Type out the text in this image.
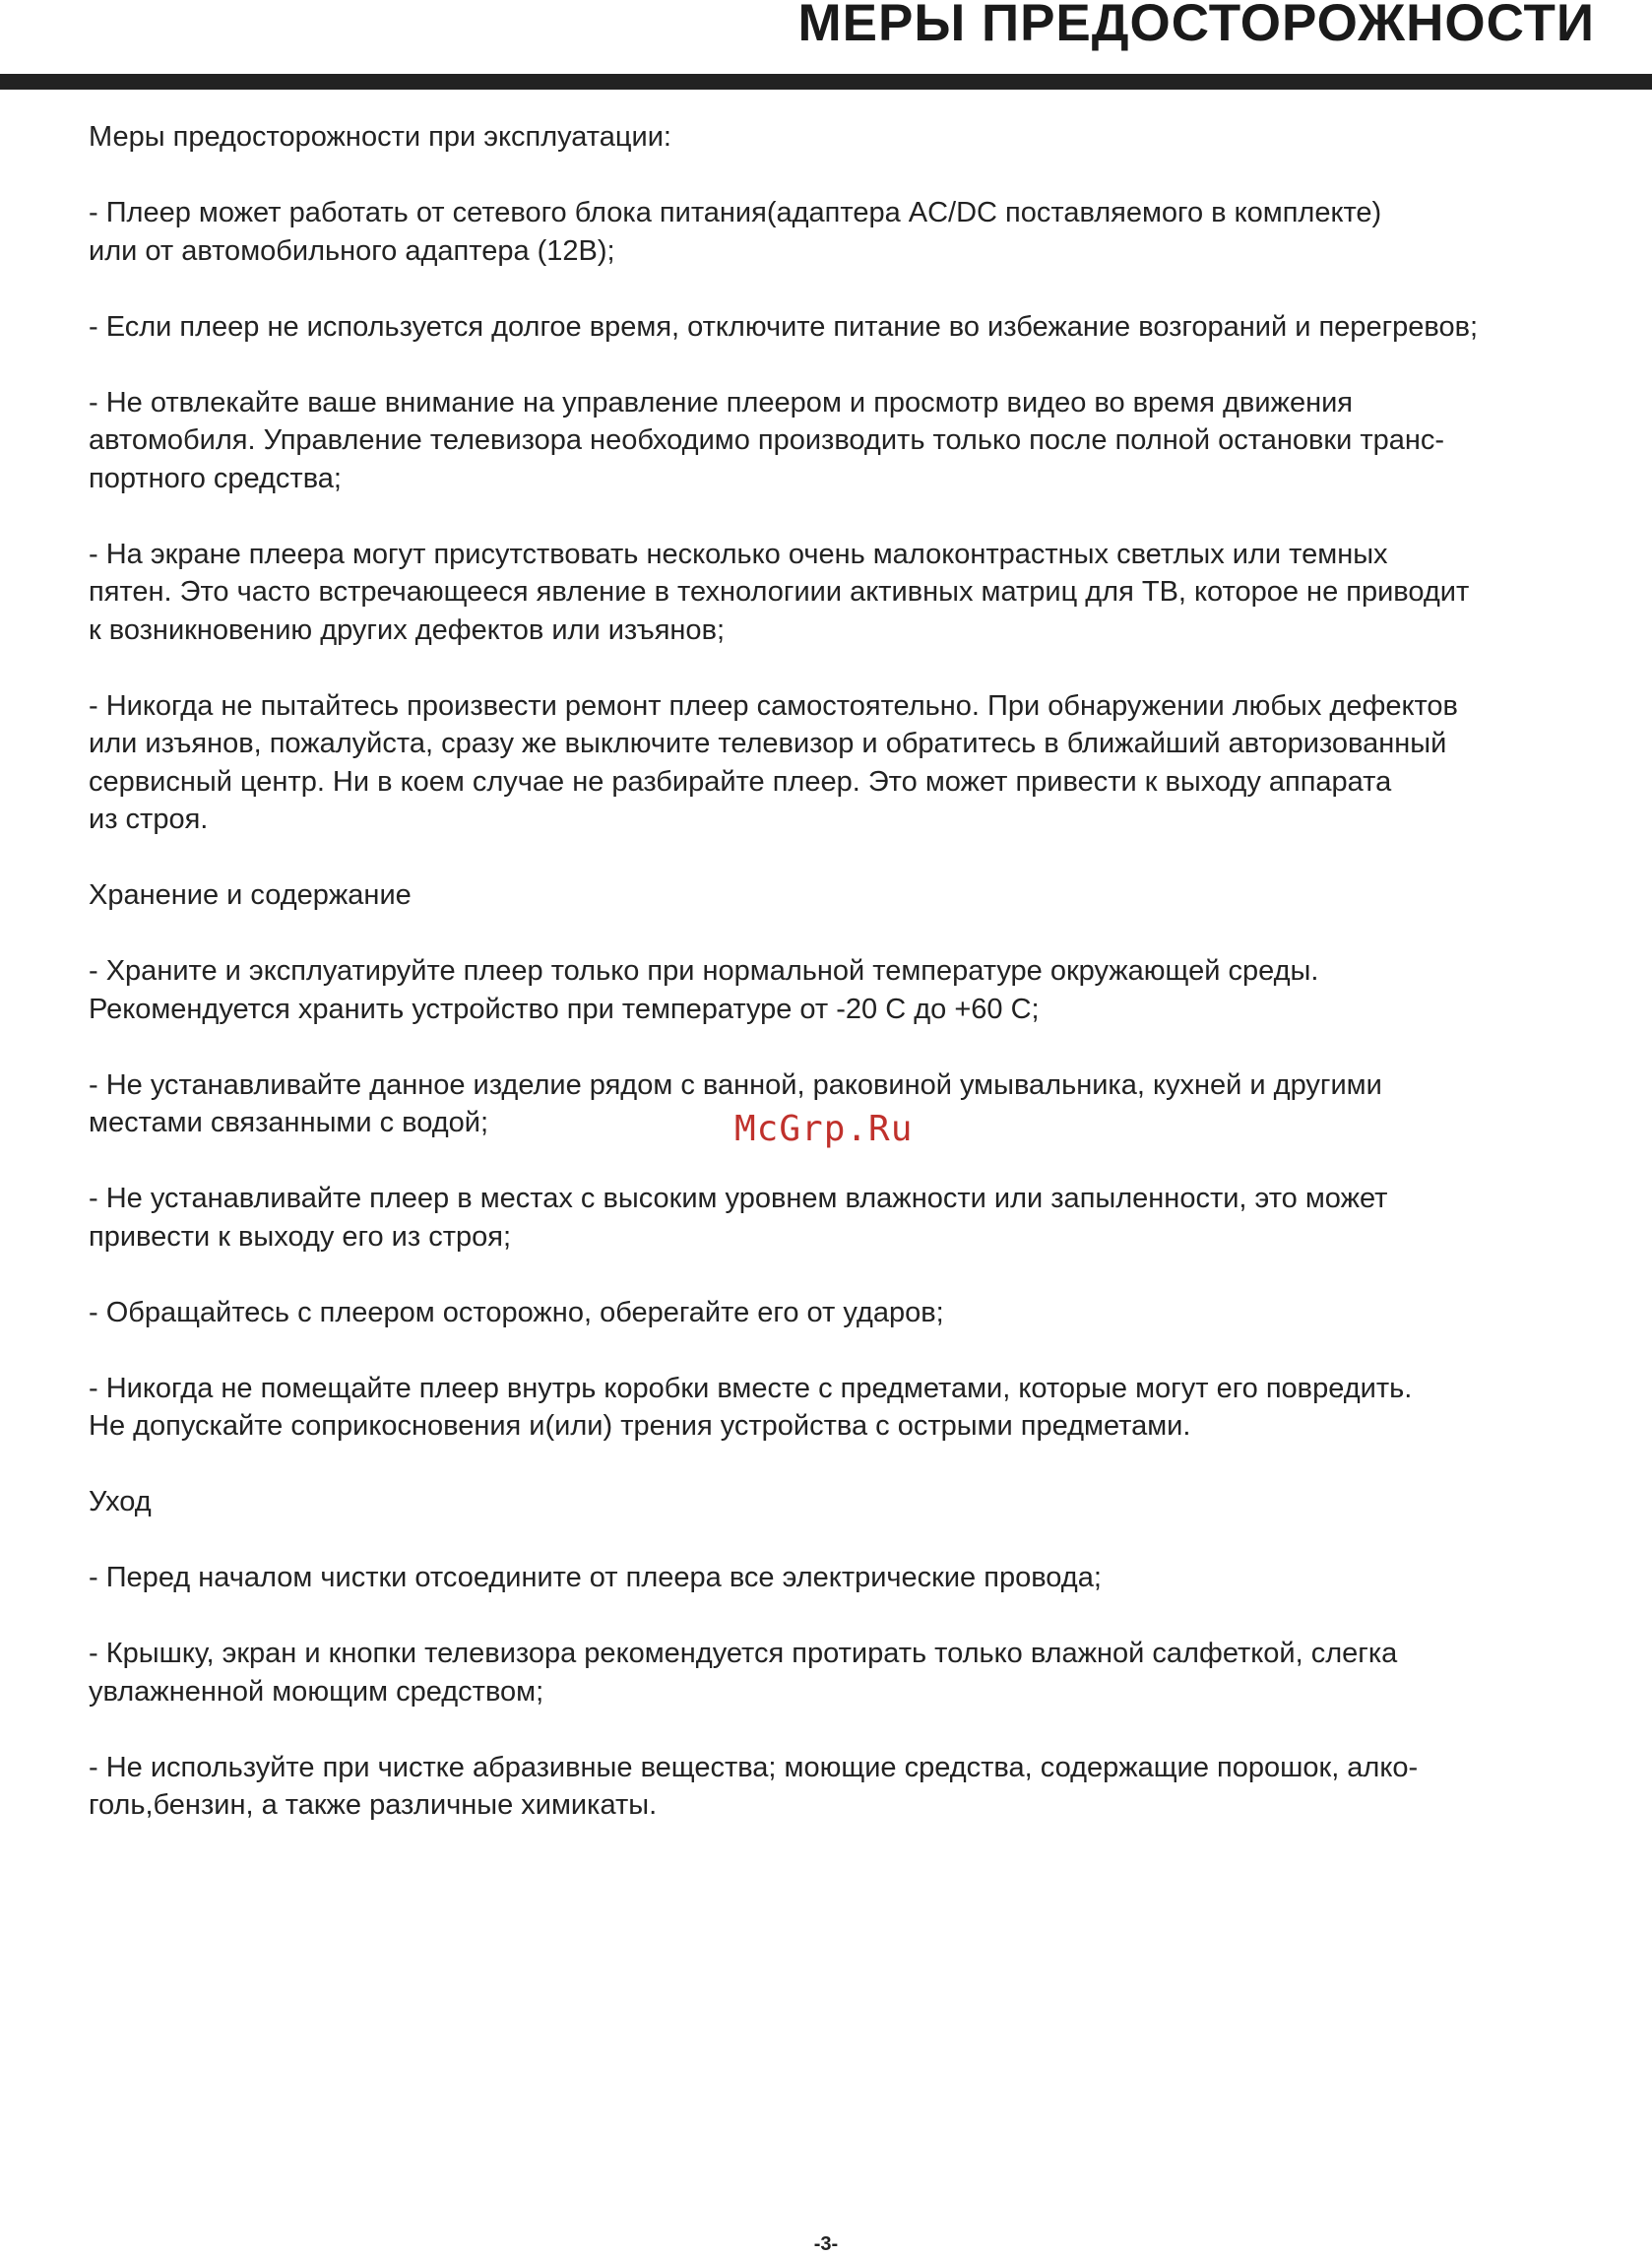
МЕРЫ ПРЕДОСТОРОЖНОСТИ

Меры предосторожности при эксплуатации:

- Плеер может работать от сетевого блока питания(адаптера AC/DC поставляемого в комплекте)
или от автомобильного адаптера (12В);

- Если плеер не используется долгое время, отключите питание во избежание возгораний и перегревов;

- Не отвлекайте ваше внимание на управление плеером и просмотр видео во время движения
автомобиля. Управление телевизора необходимо производить только после полной остановки транс-
портного средства;

- На экране плеера могут присутствовать несколько очень малоконтрастных светлых или темных
пятен. Это часто встречающееся явление в технологиии активных матриц для ТВ, которое не приводит
к возникновению других дефектов или изъянов;

- Никогда не пытайтесь произвести ремонт плеер самостоятельно. При обнаружении любых дефектов
или изъянов, пожалуйста, сразу же выключите телевизор и обратитесь в ближайший авторизованный
сервисный центр. Ни в коем случае не разбирайте плеер. Это может привести к выходу аппарата
из строя.

Хранение и содержание

- Храните и эксплуатируйте плеер только при нормальной температуре окружающей среды.
Рекомендуется хранить устройство при температуре от -20 С до +60 С;

- Не устанавливайте данное изделие рядом с ванной, раковиной умывальника, кухней и другими
местами связанными с водой;

- Не устанавливайте плеер в местах с высоким уровнем влажности или запыленности, это может
привести к выходу его из строя;

- Обращайтесь с плеером осторожно, оберегайте его от ударов;

- Никогда не помещайте плеер внутрь коробки вместе с предметами, которые могут его повредить.
Не допускайте соприкосновения и(или) трения устройства с острыми предметами.

Уход

- Перед началом чистки отсоедините от плеера все электрические провода;

- Крышку, экран и кнопки телевизора рекомендуется протирать только влажной салфеткой, слегка
увлажненной моющим средством;

- Не используйте при чистке абразивные вещества; моющие средства, содержащие порошок, алко-
голь,бензин, а также различные химикаты.

McGrp.Ru
-3-
